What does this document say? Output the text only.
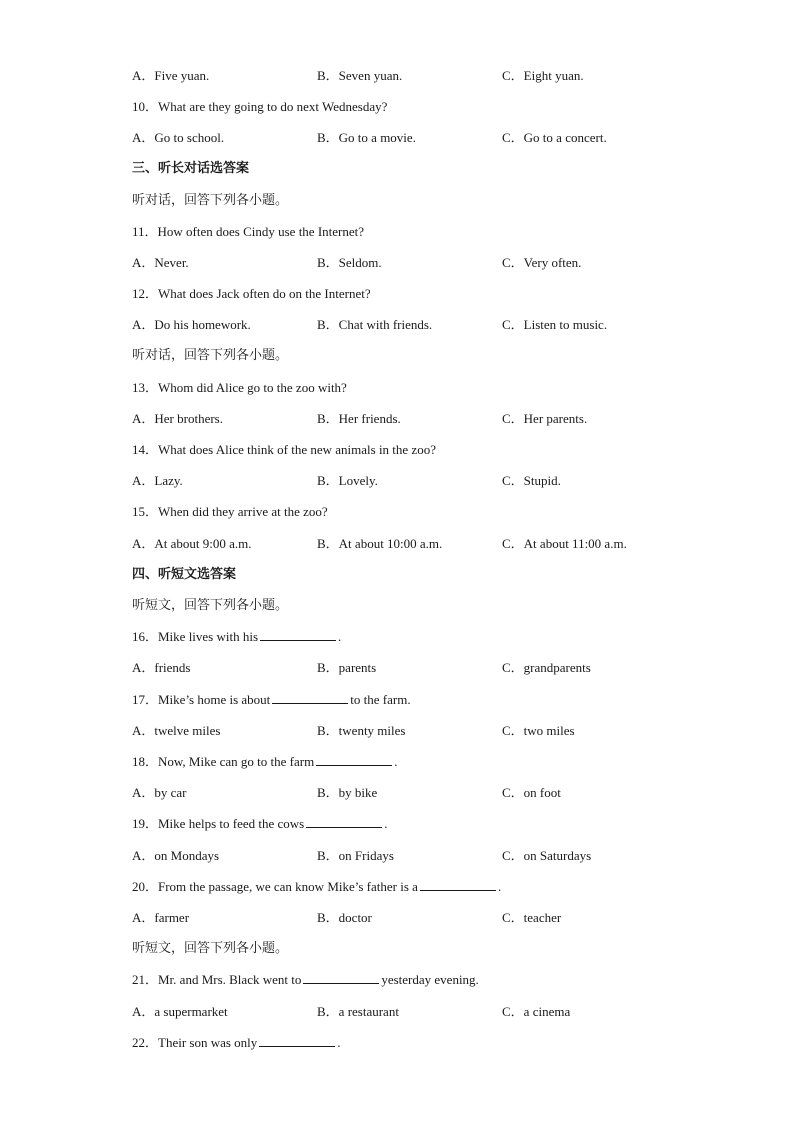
A．Five yuan.	B．Seven yuan.	C．Eight yuan.
10．What are they going to do next Wednesday?
A．Go to school.	B．Go to a movie.	C．Go to a concert.
三、听长对话选答案
听对话，回答下列各小题。
11．How often does Cindy use the Internet?
A．Never.	B．Seldom.	C．Very often.
12．What does Jack often do on the Internet?
A．Do his homework.	B．Chat with friends.	C．Listen to music.
听对话，回答下列各小题。
13．Whom did Alice go to the zoo with?
A．Her brothers.	B．Her friends.	C．Her parents.
14．What does Alice think of the new animals in the zoo?
A．Lazy.	B．Lovely.	C．Stupid.
15．When did they arrive at the zoo?
A．At about 9:00 a.m.	B．At about 10:00 a.m.	C．At about 11:00 a.m.
四、听短文选答案
听短文，回答下列各小题。
16．Mike lives with his	.
A．friends	B．parents	C．grandparents
17．Mike’s home is about	to the farm.
A．twelve miles	B．twenty miles	C．two miles
18．Now, Mike can go to the farm	.
A．by car	B．by bike	C．on foot
19．Mike helps to feed the cows	.
A．on Mondays	B．on Fridays	C．on Saturdays
20．From the passage, we can know Mike’s father is a	.
A．farmer	B．doctor	C．teacher
听短文，回答下列各小题。
21．Mr. and Mrs. Black went to	yesterday evening.
A．a supermarket	B．a restaurant	C．a cinema
22．Their son was only	.
